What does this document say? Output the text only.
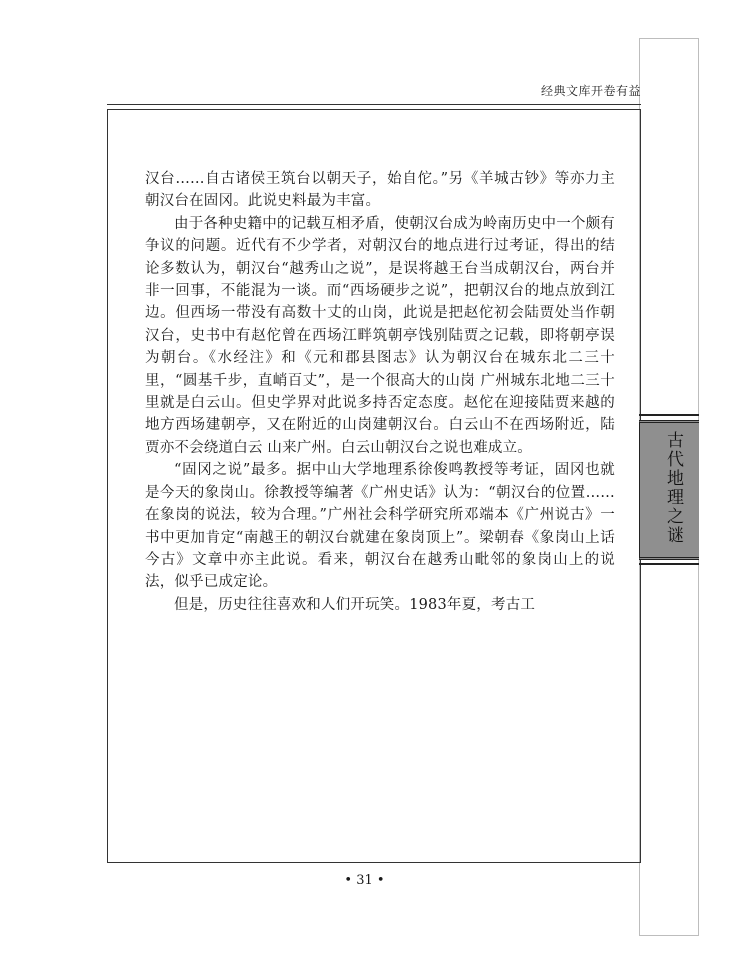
经典文库开卷有益

汉台……自古诸侯王筑台以朝天子，始自佗。”另《羊城古钞》等亦力主朝汉台在固冈。此说史料最为丰富。

由于各种史籍中的记载互相矛盾，使朝汉台成为岭南历史中一个颇有争议的问题。近代有不少学者，对朝汉台的地点进行过考证，得出的结论多数认为，朝汉台“越秀山之说”，是误将越王台当成朝汉台，两台并非一回事，不能混为一谈。而“西场硬步之说”，把朝汉台的地点放到江边。但西场一带没有高数十丈的山岗，此说是把赵佗初会陆贾处当作朝汉台，史书中有赵佗曾在西场江畔筑朝亭饯别陆贾之记载，即将朝亭误为朝台。《水经注》和《元和郡县图志》认为朝汉台在城东北二三十里，“圆基千步，直峭百丈”，是一个很高大的山岗 广州城东北地二三十里就是白云山。但史学界对此说多持否定态度。赵佗在迎接陆贾来越的地方西场建朝亭，又在附近的山岗建朝汉台。白云山不在西场附近，陆贾亦不会绕道白云 山来广州。白云山朝汉台之说也难成立。

“固冈之说”最多。据中山大学地理系徐俊鸣教授等考证，固冈也就是今天的象岗山。徐教授等编著《广州史话》认为：“朝汉台的位置……在象岗的说法，较为合理。”广州社会科学研究所邓端本《广州说古》一书中更加肯定“南越王的朝汉台就建在象岗顶上”。梁朝春《象岗山上话今古》文章中亦主此说。看来，朝汉台在越秀山毗邻的象岗山上的说法，似乎已成定论。

但是，历史往往喜欢和人们开玩笑。1983年夏，考古工

古代地理之谜
• 31 •
